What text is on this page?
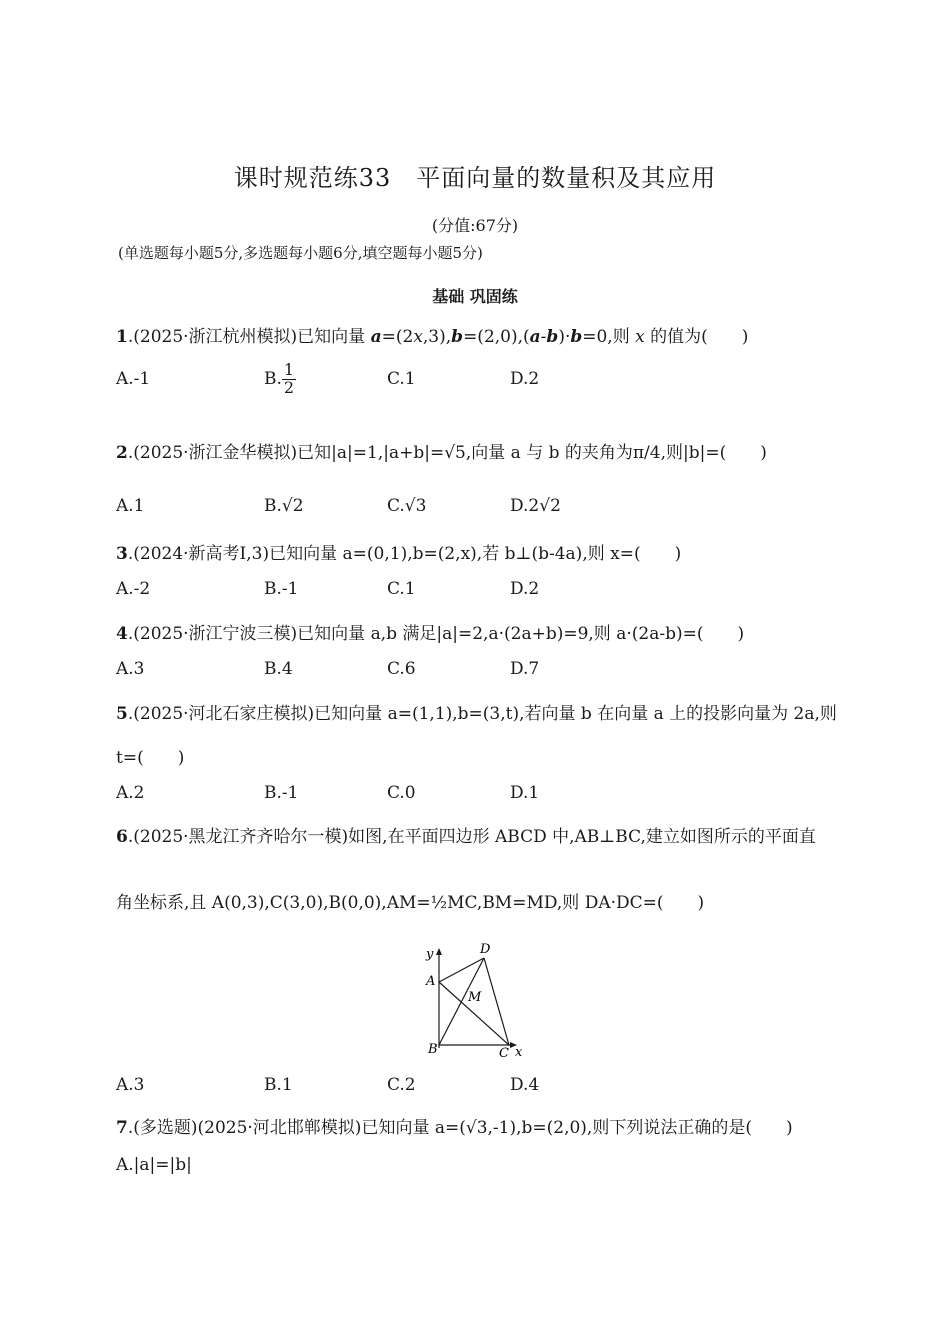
课时规范练33　平面向量的数量积及其应用
(分值:67分)
(单选题每小题5分,多选题每小题6分,填空题每小题5分)
基础 巩固练
1.(2025·浙江杭州模拟)已知向量 a=(2x,3),b=(2,0),(a-b)·b=0,则 x 的值为(　　)
A.-1	B. $\frac{1}{2}$	C.1	D.2
2.(2025·浙江金华模拟)已知|a|=1,|a+b|=√5,向量 a 与 b 的夹角为π/4,则|b|=(　　)
A.1	B.√2	C.√3	D.2√2
3.(2024·新高考Ⅰ,3)已知向量 a=(0,1),b=(2,x),若 b⊥(b-4a),则 x=(　　)
A.-2	B.-1	C.1	D.2
4.(2025·浙江宁波三模)已知向量 a,b 满足|a|=2,a·(2a+b)=9,则 a·(2a-b)=(　　)
A.3	B.4	C.6	D.7
5.(2025·河北石家庄模拟)已知向量 a=(1,1),b=(3,t),若向量 b 在向量 a 上的投影向量为 2a,则
t=(　　)
A.2	B.-1	C.0	D.1
6.(2025·黑龙江齐齐哈尔一模)如图,在平面四边形 ABCD 中,AB⊥BC,建立如图所示的平面直
角坐标系,且 A(0,3),C(3,0),B(0,0),AM=½MC,BM=MD,则 DA·DC=(　　)
y
A
D
M
B	C x
A.3	B.1	C.2	D.4
7.(多选题)(2025·河北邯郸模拟)已知向量 a=(√3,-1),b=(2,0),则下列说法正确的是(　　)
A.|a|=|b|
